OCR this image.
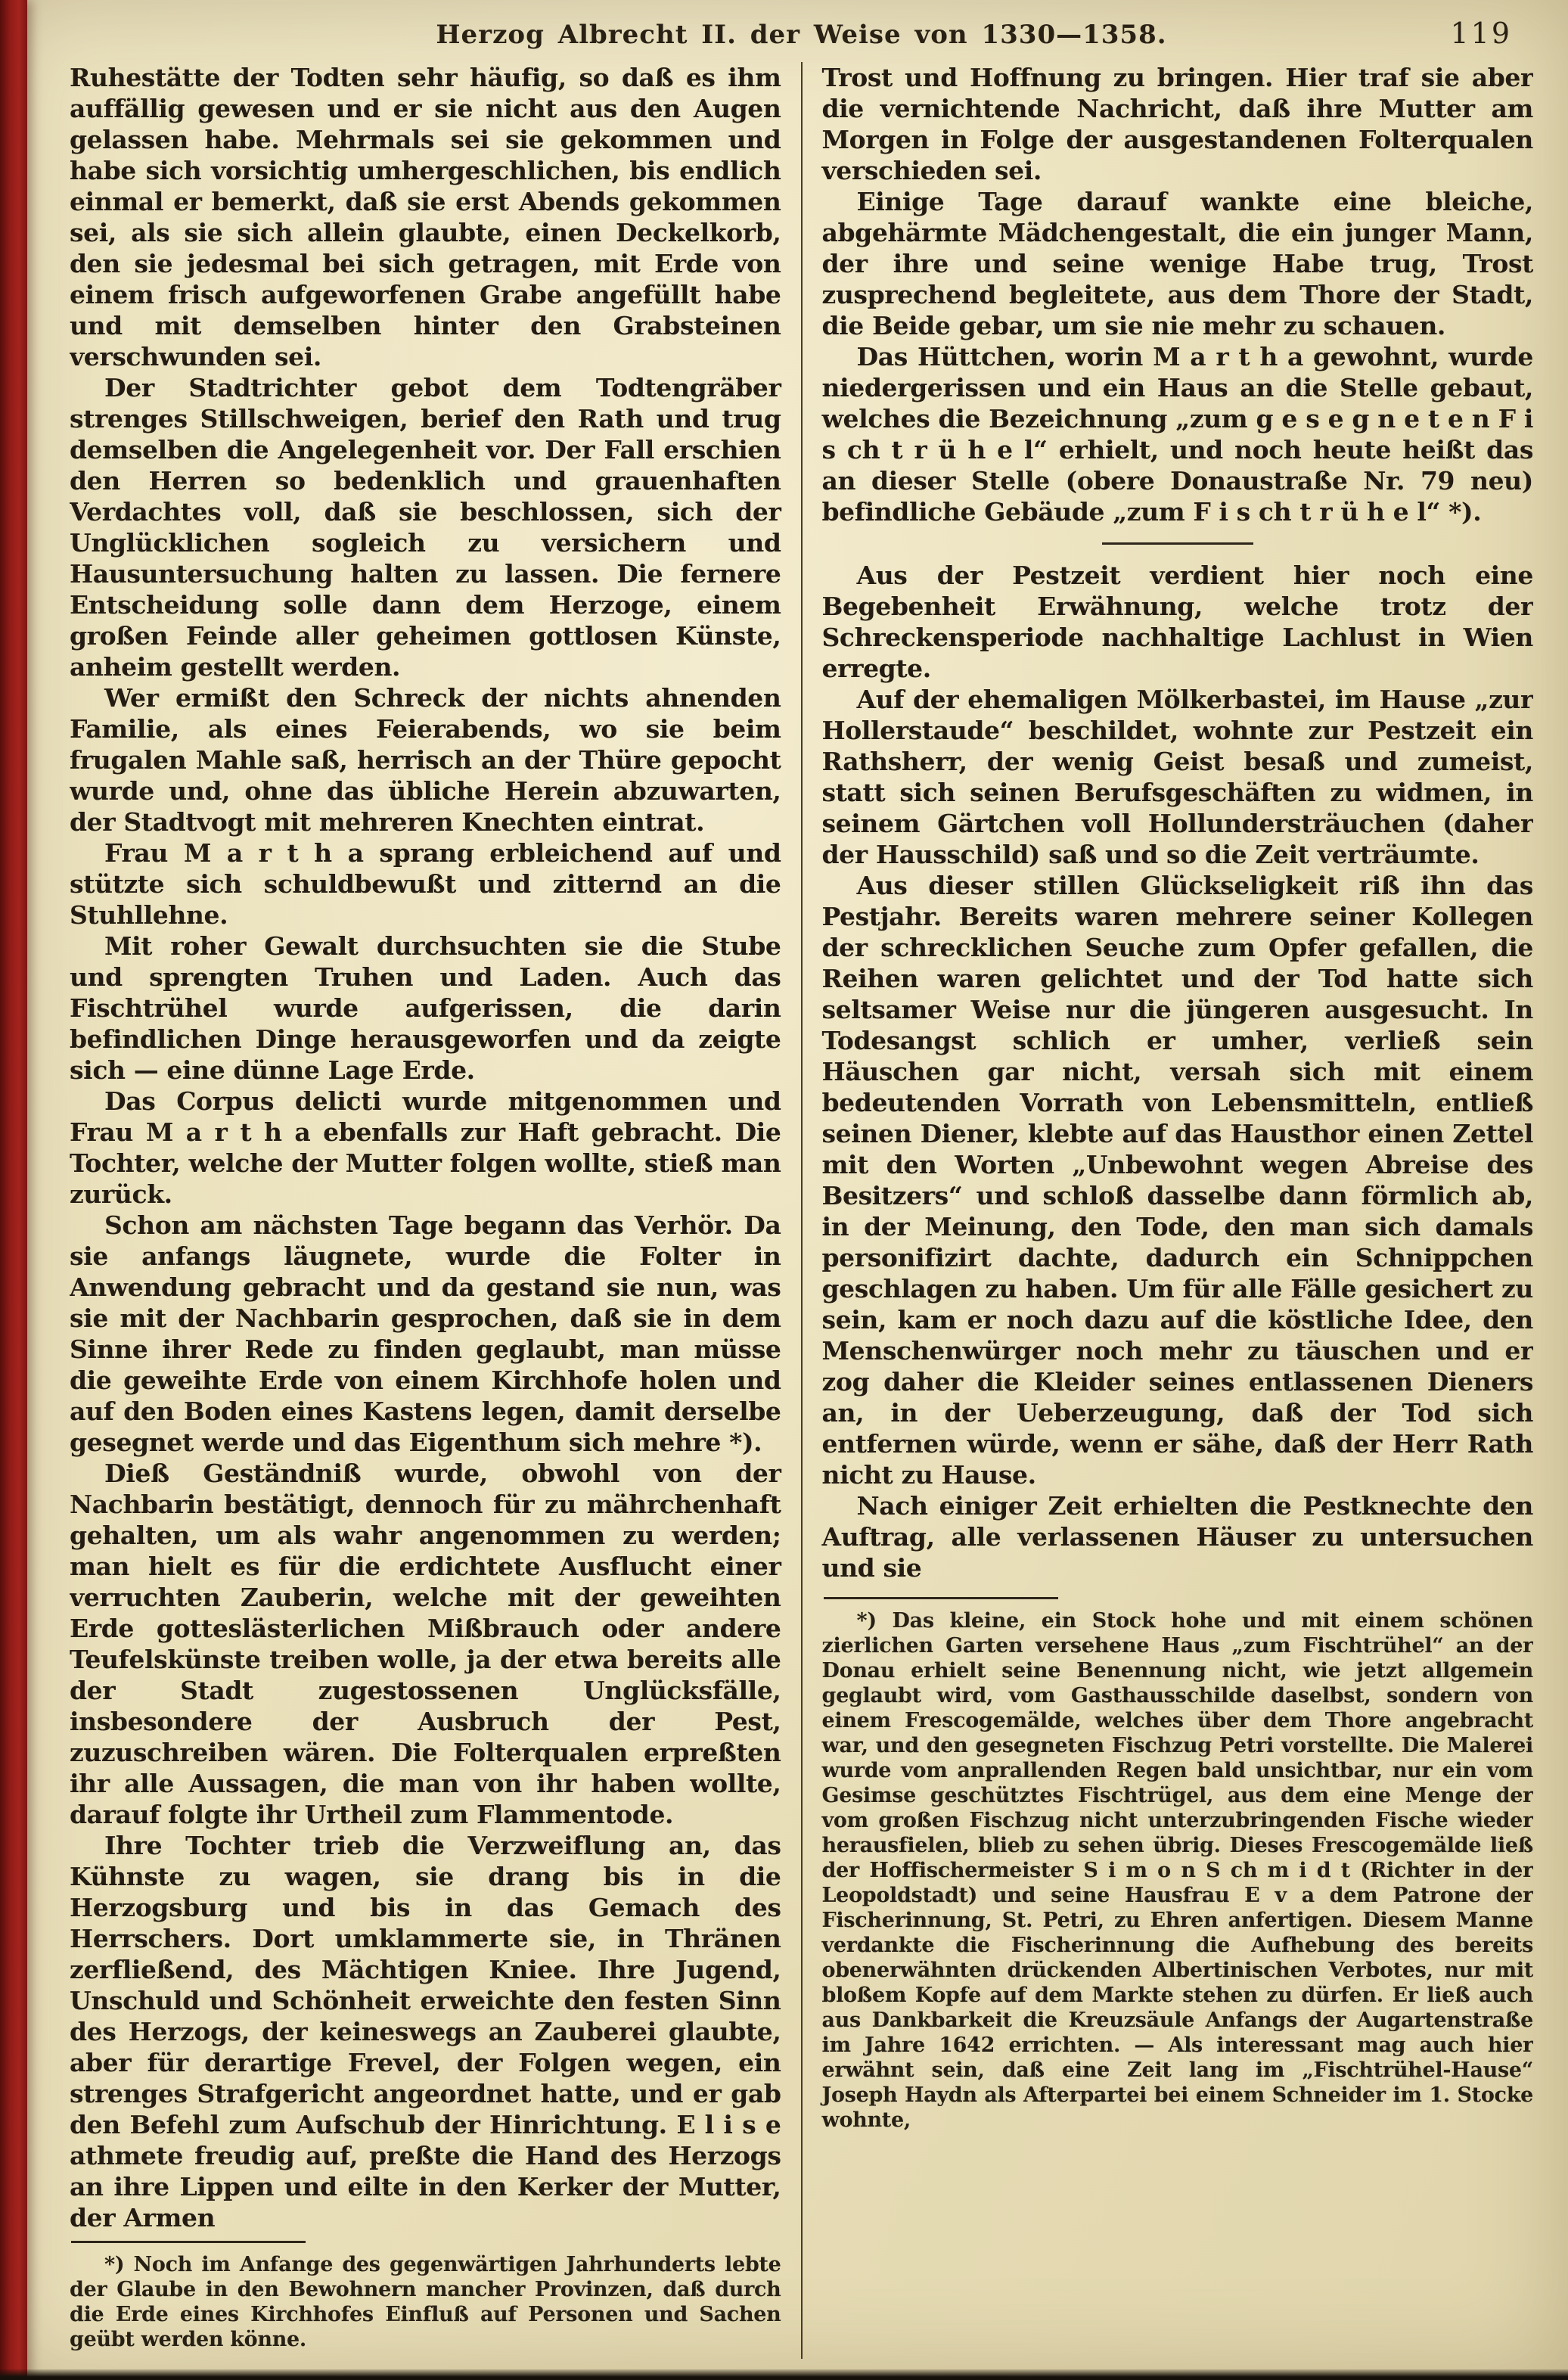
Herzog Albrecht II. der Weise von 1330—1358.	119

Ruhestätte der Todten sehr häufig, so daß es ihm auffällig gewesen und er sie nicht aus den Augen gelassen habe. Mehrmals sei sie gekommen und habe sich vorsichtig umhergeschlichen, bis endlich einmal er bemerkt, daß sie erst Abends gekommen sei, als sie sich allein glaubte, einen Deckelkorb, den sie jedesmal bei sich getragen, mit Erde von einem frisch aufgeworfenen Grabe angefüllt habe und mit demselben hinter den Grabsteinen verschwunden sei.

Der Stadtrichter gebot dem Todtengräber strenges Stillschweigen, berief den Rath und trug demselben die Angelegenheit vor. Der Fall erschien den Herren so bedenklich und grauenhaften Verdachtes voll, daß sie beschlossen, sich der Unglücklichen sogleich zu versichern und Hausuntersuchung halten zu lassen. Die fernere Entscheidung solle dann dem Herzoge, einem großen Feinde aller geheimen gottlosen Künste, anheim gestellt werden.

Wer ermißt den Schreck der nichts ahnenden Familie, als eines Feierabends, wo sie beim frugalen Mahle saß, herrisch an der Thüre gepocht wurde und, ohne das übliche Herein abzuwarten, der Stadtvogt mit mehreren Knechten eintrat.

Frau M a r t h a sprang erbleichend auf und stützte sich schuldbewußt und zitternd an die Stuhllehne.

Mit roher Gewalt durchsuchten sie die Stube und sprengten Truhen und Laden. Auch das Fischtrühel wurde aufgerissen, die darin befindlichen Dinge herausgeworfen und da zeigte sich — eine dünne Lage Erde.

Das Corpus delicti wurde mitgenommen und Frau M a r t h a ebenfalls zur Haft gebracht. Die Tochter, welche der Mutter folgen wollte, stieß man zurück.

Schon am nächsten Tage begann das Verhör. Da sie anfangs läugnete, wurde die Folter in Anwendung gebracht und da gestand sie nun, was sie mit der Nachbarin gesprochen, daß sie in dem Sinne ihrer Rede zu finden geglaubt, man müsse die geweihte Erde von einem Kirchhofe holen und auf den Boden eines Kastens legen, damit derselbe gesegnet werde und das Eigenthum sich mehre *).

Dieß Geständniß wurde, obwohl von der Nachbarin bestätigt, dennoch für zu mährchenhaft gehalten, um als wahr angenommen zu werden; man hielt es für die erdichtete Ausflucht einer verruchten Zauberin, welche mit der geweihten Erde gotteslästerlichen Mißbrauch oder andere Teufelskünste treiben wolle, ja der etwa bereits alle der Stadt zugestossenen Unglücksfälle, insbesondere der Ausbruch der Pest, zuzuschreiben wären. Die Folterqualen erpreßten ihr alle Aussagen, die man von ihr haben wollte, darauf folgte ihr Urtheil zum Flammentode.

Ihre Tochter trieb die Verzweiflung an, das Kühnste zu wagen, sie drang bis in die Herzogsburg und bis in das Gemach des Herrschers. Dort umklammerte sie, in Thränen zerfließend, des Mächtigen Kniee. Ihre Jugend, Unschuld und Schönheit erweichte den festen Sinn des Herzogs, der keineswegs an Zauberei glaubte, aber für derartige Frevel, der Folgen wegen, ein strenges Strafgericht angeordnet hatte, und er gab den Befehl zum Aufschub der Hinrichtung. E l i s e athmete freudig auf, preßte die Hand des Herzogs an ihre Lippen und eilte in den Kerker der Mutter, der Armen

*) Noch im Anfange des gegenwärtigen Jahrhunderts lebte der Glaube in den Bewohnern mancher Provinzen, daß durch die Erde eines Kirchhofes Einfluß auf Personen und Sachen geübt werden könne.

Trost und Hoffnung zu bringen. Hier traf sie aber die vernichtende Nachricht, daß ihre Mutter am Morgen in Folge der ausgestandenen Folterqualen verschieden sei.

Einige Tage darauf wankte eine bleiche, abgehärmte Mädchengestalt, die ein junger Mann, der ihre und seine wenige Habe trug, Trost zusprechend begleitete, aus dem Thore der Stadt, die Beide gebar, um sie nie mehr zu schauen.

Das Hüttchen, worin M a r t h a gewohnt, wurde niedergerissen und ein Haus an die Stelle gebaut, welches die Bezeichnung „zum g e s e g n e t e n F i s ch t r ü h e l“ erhielt, und noch heute heißt das an dieser Stelle (obere Donaustraße Nr. 79 neu) befindliche Gebäude „zum F i s ch t r ü h e l“ *).

Aus der Pestzeit verdient hier noch eine Begebenheit Erwähnung, welche trotz der Schreckensperiode nachhaltige Lachlust in Wien erregte.

Auf der ehemaligen Mölkerbastei, im Hause „zur Hollerstaude“ beschildet, wohnte zur Pestzeit ein Rathsherr, der wenig Geist besaß und zumeist, statt sich seinen Berufsgeschäften zu widmen, in seinem Gärtchen voll Hollundersträuchen (daher der Hausschild) saß und so die Zeit verträumte.

Aus dieser stillen Glückseligkeit riß ihn das Pestjahr. Bereits waren mehrere seiner Kollegen der schrecklichen Seuche zum Opfer gefallen, die Reihen waren gelichtet und der Tod hatte sich seltsamer Weise nur die jüngeren ausgesucht. In Todesangst schlich er umher, verließ sein Häuschen gar nicht, versah sich mit einem bedeutenden Vorrath von Lebensmitteln, entließ seinen Diener, klebte auf das Hausthor einen Zettel mit den Worten „Unbewohnt wegen Abreise des Besitzers“ und schloß dasselbe dann förmlich ab, in der Meinung, den Tode, den man sich damals personifizirt dachte, dadurch ein Schnippchen geschlagen zu haben. Um für alle Fälle gesichert zu sein, kam er noch dazu auf die köstliche Idee, den Menschenwürger noch mehr zu täuschen und er zog daher die Kleider seines entlassenen Dieners an, in der Ueberzeugung, daß der Tod sich entfernen würde, wenn er sähe, daß der Herr Rath nicht zu Hause.

Nach einiger Zeit erhielten die Pestknechte den Auftrag, alle verlassenen Häuser zu untersuchen und sie

*) Das kleine, ein Stock hohe und mit einem schönen zierlichen Garten versehene Haus „zum Fischtrühel“ an der Donau erhielt seine Benennung nicht, wie jetzt allgemein geglaubt wird, vom Gasthausschilde daselbst, sondern von einem Frescogemälde, welches über dem Thore angebracht war, und den gesegneten Fischzug Petri vorstellte. Die Malerei wurde vom anprallenden Regen bald unsichtbar, nur ein vom Gesimse geschütztes Fischtrügel, aus dem eine Menge der vom großen Fischzug nicht unterzubringenden Fische wieder herausfielen, blieb zu sehen übrig. Dieses Frescogemälde ließ der Hoffischermeister S i m o n S ch m i d t (Richter in der Leopoldstadt) und seine Hausfrau E v a dem Patrone der Fischerinnung, St. Petri, zu Ehren anfertigen. Diesem Manne verdankte die Fischerinnung die Aufhebung des bereits obenerwähnten drückenden Albertinischen Verbotes, nur mit bloßem Kopfe auf dem Markte stehen zu dürfen. Er ließ auch aus Dankbarkeit die Kreuzsäule Anfangs der Augartenstraße im Jahre 1642 errichten. — Als interessant mag auch hier erwähnt sein, daß eine Zeit lang im „Fischtrühel-Hause“ Joseph Haydn als Afterpartei bei einem Schneider im 1. Stocke wohnte,
